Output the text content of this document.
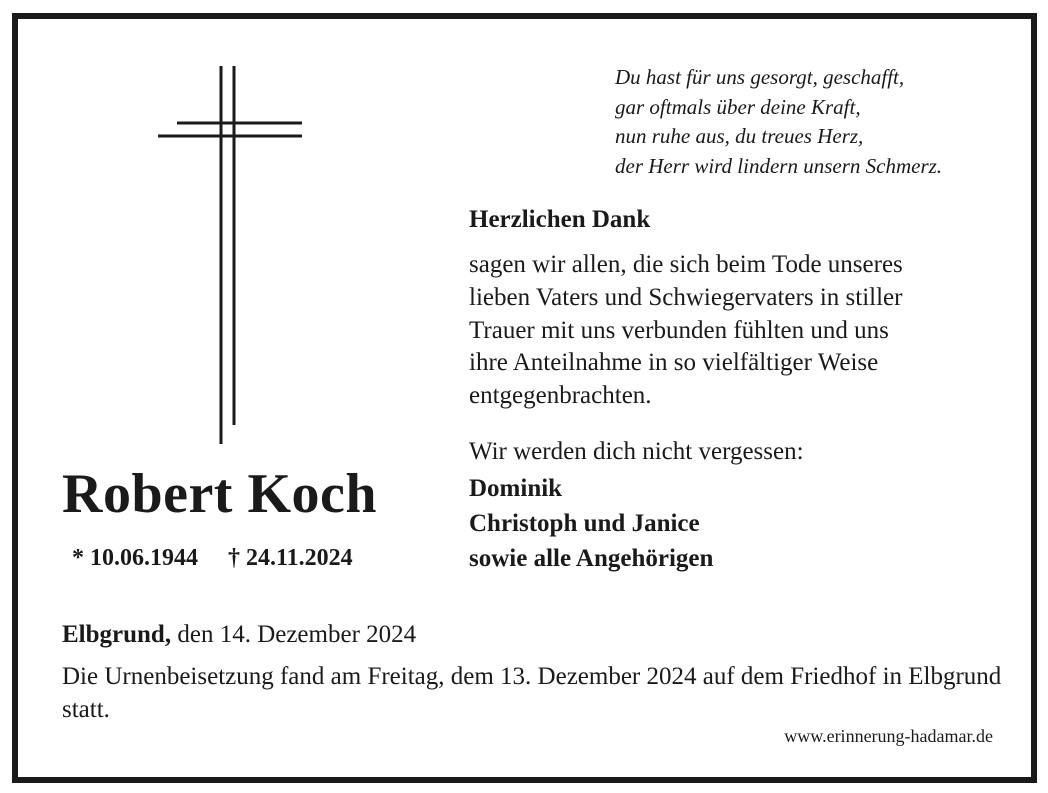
Du hast für uns gesorgt, geschafft,
gar oftmals über deine Kraft,
nun ruhe aus, du treues Herz,
der Herr wird lindern unsern Schmerz.
Herzlichen Dank
sagen wir allen, die sich beim Tode unseres
lieben Vaters und Schwiegervaters in stiller
Trauer mit uns verbunden fühlten und uns
ihre Anteilnahme in so vielfältiger Weise
entgegenbrachten.
Wir werden dich nicht vergessen:
Dominik
Christoph und Janice
sowie alle Angehörigen
Robert Koch
* 10.06.1944 † 24.11.2024
Elbgrund, den 14. Dezember 2024
Die Urnenbeisetzung fand am Freitag, dem 13. Dezember 2024 auf dem Friedhof in Elbgrund statt.
www.erinnerung-hadamar.de
